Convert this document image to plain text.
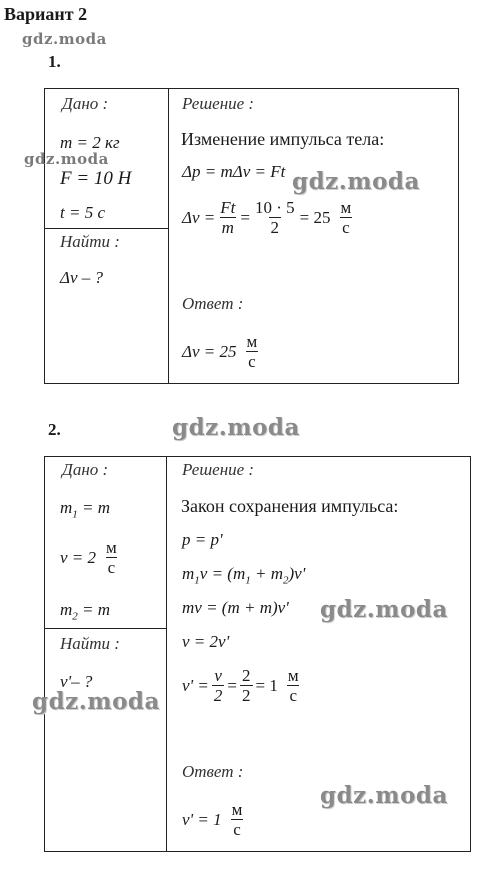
Вариант 2
gdz.moda
1.
Дано :
m = 2 кг
F = 10 Н
t = 5 с
gdz.moda
Найти :
Δv – ?
Решение :
Изменение импульса тела:
Δp = mΔv = Ft gdz.moda
$\Delta v = \frac{Ft}{m} = \frac{10 \cdot 5}{2} = 25 \frac{м}{с}$
Ответ :
$\Delta v = 25 \frac{м}{с}$
2.	gdz.moda
Дано :
$m_1 = m$
$v = 2 \frac{м}{с}$
$m_2 = m$
Найти :
v'– ?
gdz.moda
Решение :
Закон сохранения импульса:
p = p'
$m_1v = (m_1 + m_2)v'$
mv = (m + m)v' gdz.moda
v = 2v'
$v' = \frac{v}{2} = \frac{2}{2} = 1 \frac{м}{с}$
Ответ :
gdz.moda
$v' = 1 \frac{м}{с}$
